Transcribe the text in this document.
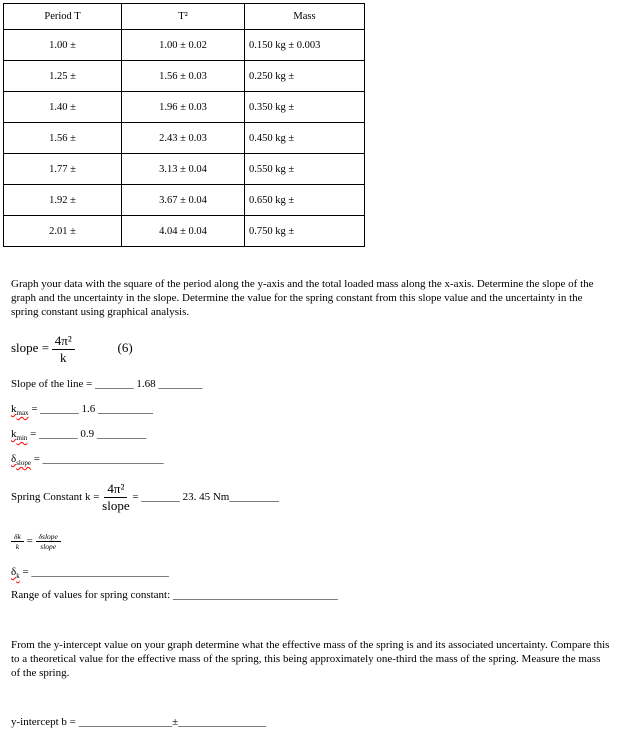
Period T	T²	Mass
1.00 ±	1.00 ± 0.02	0.150 kg ± 0.003
1.25 ±	1.56 ± 0.03	0.250 kg ±
1.40 ±	1.96 ± 0.03	0.350 kg ±
1.56 ±	2.43 ± 0.03	0.450 kg ±
1.77 ±	3.13 ± 0.04	0.550 kg ±
1.92 ±	3.67 ± 0.04	0.650 kg ±
2.01 ±	4.04 ± 0.04	0.750 kg ±
Graph your data with the square of the period along the y-axis and the total loaded mass along the x-axis. Determine the slope of the graph and the uncertainty in the slope. Determine the value for the spring constant from this slope value and the uncertainty in the spring constant using graphical analysis.
slope = $\frac{\text{4π²}}{k}$	(6)
Slope of the line = _______ 1.68 ________
$k_{max}$ = _______ 1.6 __________
$k_{min}$ = _______ 0.9 _________
$\delta_{slope}$ = ______________________
Spring Constant $k = \frac{\text{4π²}}{\text{slope}}$ = _______ 23. 45 Nm_________
$\frac{\delta k}{k} = \frac{\text{δslope}}{\text{slope}}$
$\delta_k$ = _________________________
Range of values for spring constant: ______________________________
From the y-intercept value on your graph determine what the effective mass of the spring is and its associated uncertainty. Compare this to a theoretical value for the effective mass of the spring, this being approximately one-third the mass of the spring. Measure the mass of the spring.
y-intercept b = _________________±________________
